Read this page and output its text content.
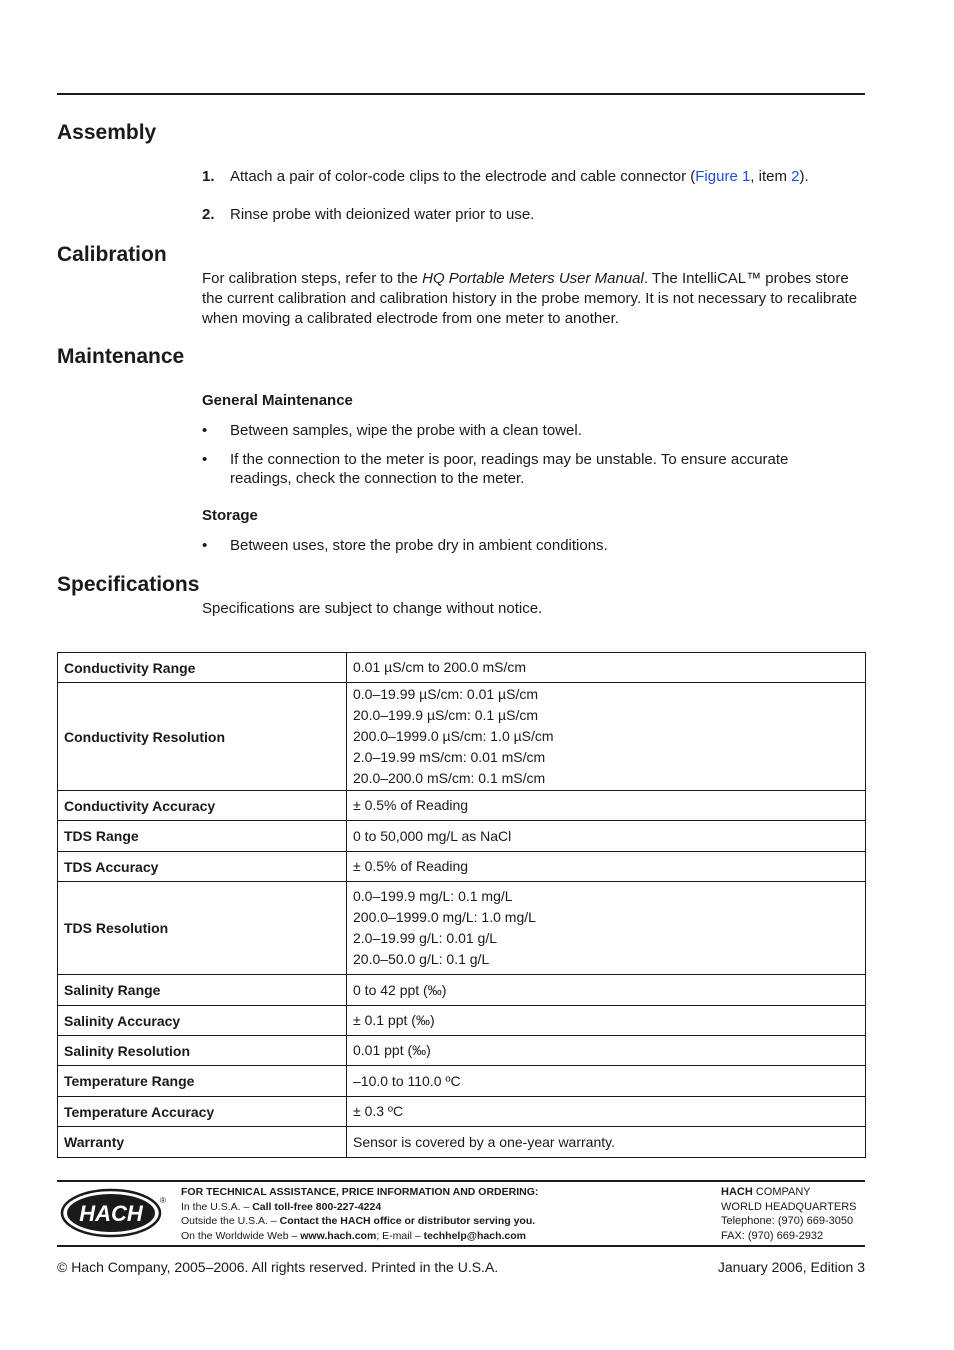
Assembly
1. Attach a pair of color-code clips to the electrode and cable connector (Figure 1, item 2).
2. Rinse probe with deionized water prior to use.
Calibration

For calibration steps, refer to the HQ Portable Meters User Manual. The IntelliCAL™ probes store the current calibration and calibration history in the probe memory. It is not necessary to recalibrate when moving a calibrated electrode from one meter to another.

Maintenance
General Maintenance
• Between samples, wipe the probe with a clean towel.
• If the connection to the meter is poor, readings may be unstable. To ensure accurate readings, check the connection to the meter.
Storage
• Between uses, store the probe dry in ambient conditions.
Specifications

Specifications are subject to change without notice.

Conductivity Range	0.01 µS/cm to 200.0 mS/cm

Conductivity Resolution	0.0–19.99 µS/cm: 0.01 µS/cm
20.0–199.9 µS/cm: 0.1 µS/cm
200.0–1999.0 µS/cm: 1.0 µS/cm
2.0–19.99 mS/cm: 0.01 mS/cm
20.0–200.0 mS/cm: 0.1 mS/cm

Conductivity Accuracy	± 0.5% of Reading

TDS Range	0 to 50,000 mg/L as NaCl

TDS Accuracy	± 0.5% of Reading

TDS Resolution	0.0–199.9 mg/L: 0.1 mg/L
200.0–1999.0 mg/L: 1.0 mg/L
2.0–19.99 g/L: 0.01 g/L
20.0–50.0 g/L: 0.1 g/L

Salinity Range	0 to 42 ppt (‰)

Salinity Accuracy	± 0.1 ppt (‰)

Salinity Resolution	0.01 ppt (‰)

Temperature Range	–10.0 to 110.0 ºC

Temperature Accuracy	± 0.3 ºC

Warranty	Sensor is covered by a one-year warranty.
HACH
®
FOR TECHNICAL ASSISTANCE, PRICE INFORMATION AND ORDERING:
In the U.S.A. – Call toll-free 800-227-4224
Outside the U.S.A. – Contact the HACH office or distributor serving you.
On the Worldwide Web – www.hach.com; E-mail – techhelp@hach.com
HACH COMPANY
WORLD HEADQUARTERS
Telephone: (970) 669-3050
FAX: (970) 669-2932
© Hach Company, 2005–2006. All rights reserved. Printed in the U.S.A.	January 2006, Edition 3
